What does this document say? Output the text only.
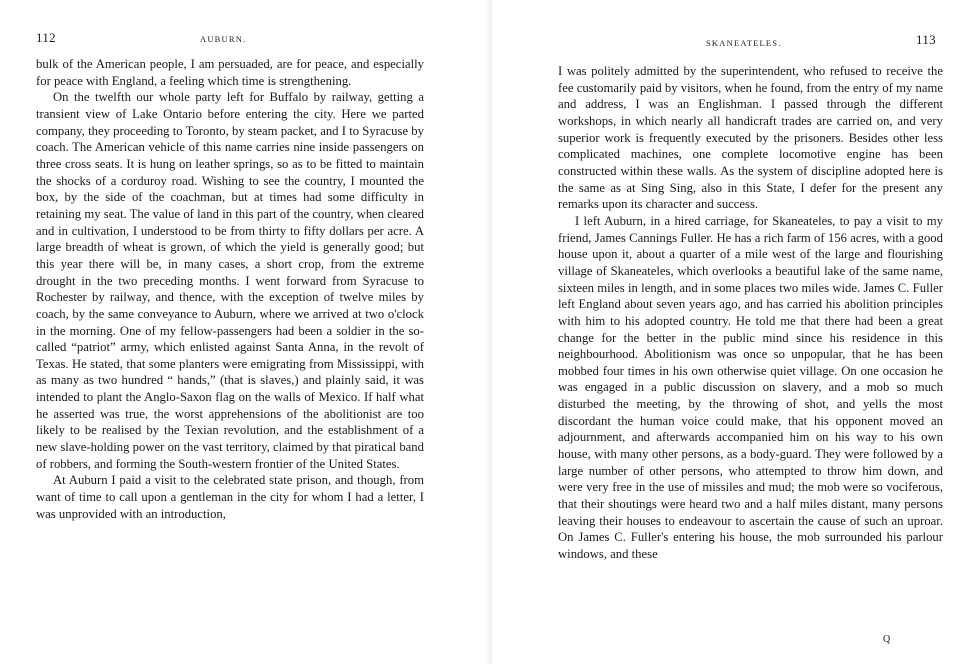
112	AUBURN.

bulk of the American people, I am persuaded, are for peace, and especially for peace with England, a feeling which time is strengthening.

On the twelfth our whole party left for Buffalo by railway, getting a transient view of Lake Ontario before entering the city. Here we parted company, they proceeding to Toronto, by steam packet, and I to Syracuse by coach. The American vehicle of this name carries nine inside passengers on three cross seats. It is hung on leather springs, so as to be fitted to maintain the shocks of a corduroy road. Wishing to see the country, I mounted the box, by the side of the coachman, but at times had some difficulty in retaining my seat. The value of land in this part of the country, when cleared and in cultivation, I understood to be from thirty to fifty dollars per acre. A large breadth of wheat is grown, of which the yield is generally good; but this year there will be, in many cases, a short crop, from the extreme drought in the two preceding months. I went forward from Syracuse to Rochester by railway, and thence, with the exception of twelve miles by coach, by the same conveyance to Auburn, where we arrived at two o'clock in the morning. One of my fellow-passengers had been a soldier in the so-called “patriot” army, which enlisted against Santa Anna, in the revolt of Texas. He stated, that some planters were emigrating from Mississippi, with as many as two hundred “ hands,” (that is slaves,) and plainly said, it was intended to plant the Anglo-Saxon flag on the walls of Mexico. If half what he asserted was true, the worst apprehensions of the abolitionist are too likely to be realised by the Texian revolution, and the establishment of a new slave-holding power on the vast territory, claimed by that piratical band of robbers, and forming the South-western frontier of the United States.

At Auburn I paid a visit to the celebrated state prison, and though, from want of time to call upon a gentleman in the city for whom I had a letter, I was unprovided with an introduction,

SKANEATELES.	113

I was politely admitted by the superintendent, who refused to receive the fee customarily paid by visitors, when he found, from the entry of my name and address, I was an Englishman. I passed through the different workshops, in which nearly all handicraft trades are carried on, and very superior work is frequently executed by the prisoners. Besides other less complicated machines, one complete locomotive engine has been constructed within these walls. As the system of discipline adopted here is the same as at Sing Sing, also in this State, I defer for the present any remarks upon its character and success.

I left Auburn, in a hired carriage, for Skaneateles, to pay a visit to my friend, James Cannings Fuller. He has a rich farm of 156 acres, with a good house upon it, about a quarter of a mile west of the large and flourishing village of Skaneateles, which overlooks a beautiful lake of the same name, sixteen miles in length, and in some places two miles wide. James C. Fuller left England about seven years ago, and has carried his abolition principles with him to his adopted country. He told me that there had been a great change for the better in the public mind since his residence in this neighbourhood. Abolitionism was once so unpopular, that he has been mobbed four times in his own otherwise quiet village. On one occasion he was engaged in a public discussion on slavery, and a mob so much disturbed the meeting, by the throwing of shot, and yells the most discordant the human voice could make, that his opponent moved an adjournment, and afterwards accompanied him on his way to his own house, with many other persons, as a body-guard. They were followed by a large number of other persons, who attempted to throw him down, and were very free in the use of missiles and mud; the mob were so vociferous, that their shoutings were heard two and a half miles distant, many persons leaving their houses to endeavour to ascertain the cause of such an uproar. On James C. Fuller's entering his house, the mob surrounded his parlour windows, and these

Q
